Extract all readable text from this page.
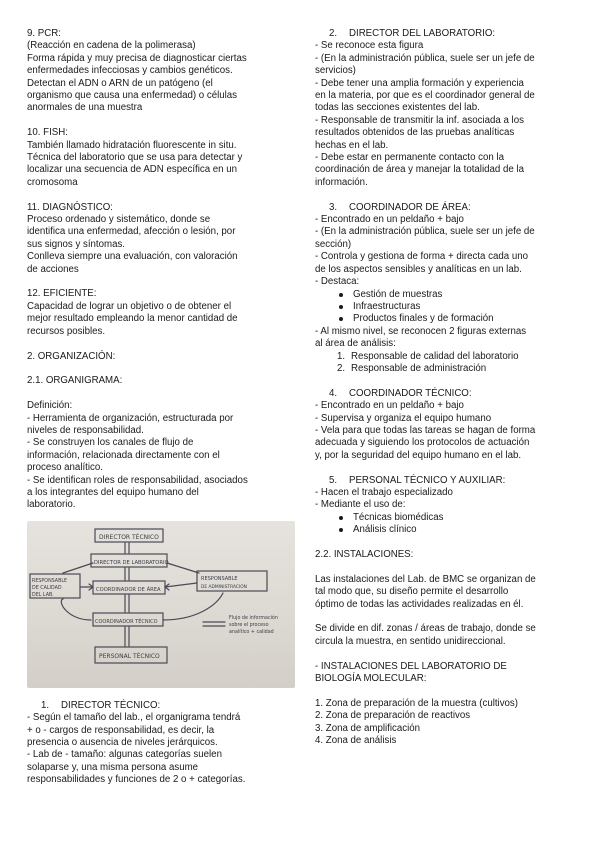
9. PCR:

(Reacción en cadena de la polimerasa)

Forma rápida y muy precisa de diagnosticar ciertas

enfermedades infecciosas y cambios genéticos.

Detectan el ADN o ARN de un patógeno (el

organismo que causa una enfermedad) o células

anormales de una muestra

10. FISH:

También llamado hidratación fluorescente in situ.

Técnica del laboratorio que se usa para detectar y

localizar una secuencia de ADN específica en un

cromosoma

11. DIAGNÓSTICO:

Proceso ordenado y sistemático, donde se

identifica una enfermedad, afección o lesión, por

sus signos y síntomas.

Conlleva siempre una evaluación, con valoración

de acciones

12. EFICIENTE:

Capacidad de lograr un objetivo o de obtener el

mejor resultado empleando la menor cantidad de

recursos posibles.

2. ORGANIZACIÓN:

2.1. ORGANIGRAMA:

Definición:

- Herramienta de organización, estructurada por

niveles de responsabilidad.

- Se construyen los canales de flujo de

información, relacionada directamente con el

proceso analítico.

- Se identifican roles de responsabilidad, asociados

a los integrantes del equipo humano del

laboratorio.

DIRECTOR TÉCNICO
DIRECTOR DE LABORATORIO
RESPONSABLE
DE CALIDAD
DEL LAB.
COORDINADOR DE ÁREA
RESPONSABLE
DE ADMINISTRACIÓN
COORDINADOR TÉCNICO
PERSONAL TÉCNICO
Flujo de información
sobre el proceso
analítico + calidad

1. DIRECTOR TÉCNICO:

- Según el tamaño del lab., el organigrama tendrá

+ o - cargos de responsabilidad, es decir, la

presencia o ausencia de niveles jerárquicos.

- Lab de - tamaño: algunas categorías suelen

solaparse y, una misma persona asume

responsabilidades y funciones de 2 o + categorías.

2. DIRECTOR DEL LABORATORIO:

- Se reconoce esta figura

- (En la administración pública, suele ser un jefe de

servicios)

- Debe tener una amplia formación y experiencia

en la materia, por que es el coordinador general de

todas las secciones existentes del lab.

- Responsable de transmitir la inf. asociada a los

resultados obtenidos de las pruebas analíticas

hechas en el lab.

- Debe estar en permanente contacto con la

coordinación de área y manejar la totalidad de la

información.

3. COORDINADOR DE ÁREA:

- Encontrado en un peldaño + bajo

- (En la administración pública, suele ser un jefe de

sección)

- Controla y gestiona de forma + directa cada uno

de los aspectos sensibles y analíticas en un lab.

- Destaca:

Gestión de muestras
Infraestructuras
Productos finales y de formación

- Al mismo nivel, se reconocen 2 figuras externas

al área de análisis:

1. Responsable de calidad del laboratorio
2. Responsable de administración

4. COORDINADOR TÉCNICO:

- Encontrado en un peldaño + bajo

- Supervisa y organiza el equipo humano

- Vela para que todas las tareas se hagan de forma

adecuada y siguiendo los protocolos de actuación

y, por la seguridad del equipo humano en el lab.

5. PERSONAL TÉCNICO Y AUXILIAR:

- Hacen el trabajo especializado

- Mediante el uso de:

Técnicas biomédicas
Análisis clínico

2.2. INSTALACIONES:

Las instalaciones del Lab. de BMC se organizan de

tal modo que, su diseño permite el desarrollo

óptimo de todas las actividades realizadas en él.

Se divide en dif. zonas / áreas de trabajo, donde se

circula la muestra, en sentido unidireccional.

- INSTALACIONES DEL LABORATORIO DE

BIOLOGÍA MOLECULAR:

1. Zona de preparación de la muestra (cultivos)

2. Zona de preparación de reactivos

3. Zona de amplificación

4. Zona de análisis
